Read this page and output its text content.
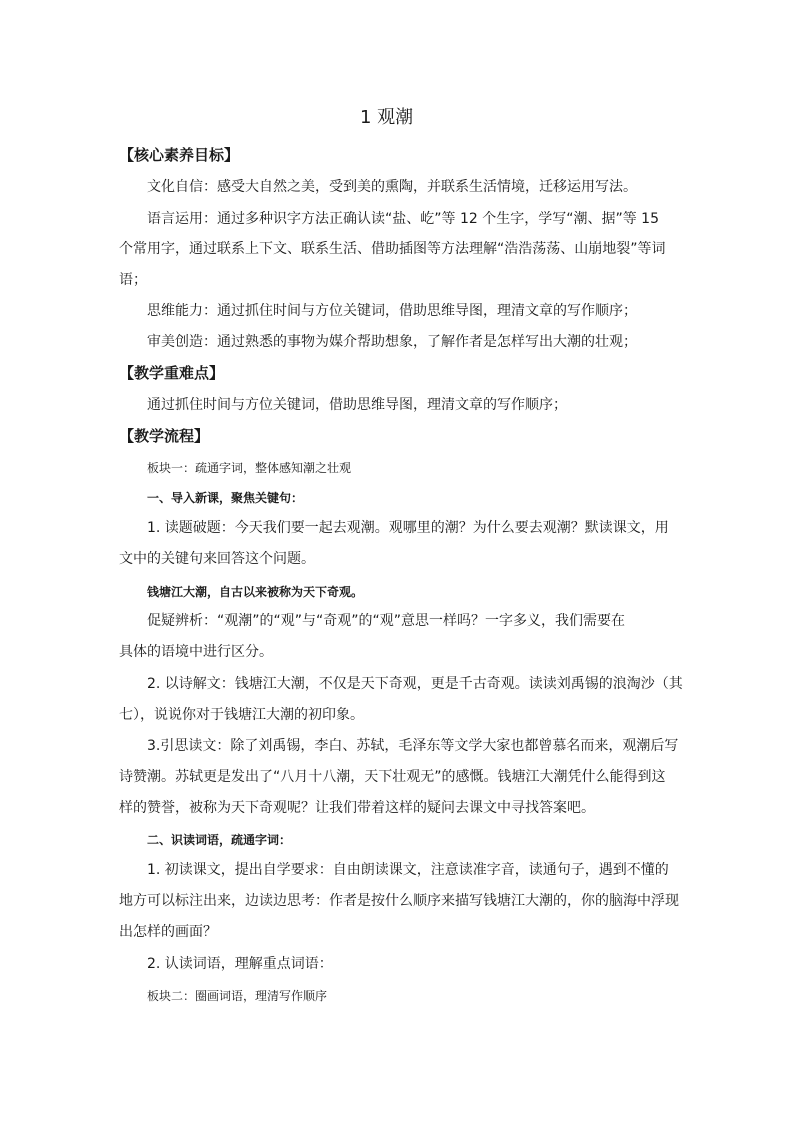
1 观潮
【核心素养目标】
文化自信：感受大自然之美，受到美的熏陶，并联系生活情境，迁移运用写法。
语言运用：通过多种识字方法正确认读“盐、屹”等 12 个生字，学写“潮、据”等 15
个常用字，通过联系上下文、联系生活、借助插图等方法理解“浩浩荡荡、山崩地裂”等词
语；
思维能力：通过抓住时间与方位关键词，借助思维导图，理清文章的写作顺序；
审美创造：通过熟悉的事物为媒介帮助想象，了解作者是怎样写出大潮的壮观；
【教学重难点】
通过抓住时间与方位关键词，借助思维导图，理清文章的写作顺序；
【教学流程】
板块一：疏通字词，整体感知潮之壮观
一、导入新课，聚焦关键句：
1. 读题破题：今天我们要一起去观潮。观哪里的潮？为什么要去观潮？默读课文，用
文中的关键句来回答这个问题。
钱塘江大潮，自古以来被称为天下奇观。
促疑辨析：“观潮”的“观”与“奇观”的“观”意思一样吗？一字多义，我们需要在
具体的语境中进行区分。
2. 以诗解文：钱塘江大潮，不仅是天下奇观，更是千古奇观。读读刘禹锡的浪淘沙（其
七），说说你对于钱塘江大潮的初印象。
3.引思读文：除了刘禹锡，李白、苏轼，毛泽东等文学大家也都曾慕名而来，观潮后写
诗赞潮。苏轼更是发出了“八月十八潮，天下壮观无”的感慨。钱塘江大潮凭什么能得到这
样的赞誉，被称为天下奇观呢？让我们带着这样的疑问去课文中寻找答案吧。
二、识读词语，疏通字词：
1. 初读课文，提出自学要求：自由朗读课文，注意读准字音，读通句子，遇到不懂的
地方可以标注出来，边读边思考：作者是按什么顺序来描写钱塘江大潮的，你的脑海中浮现
出怎样的画面？
2. 认读词语，理解重点词语：
板块二：圈画词语，理清写作顺序
